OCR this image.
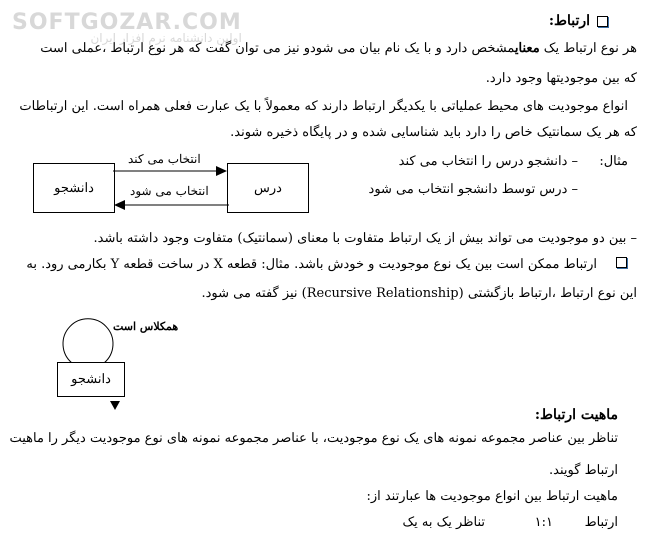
SOFTGOZAR.COM
اولین دانشنامه نرم افزار ایران
ارتباط:
هر نوع ارتباط یک معنایمشخص دارد و با یک نام بیان می شودو نیز می توان گفت که هر نوع ارتباط ،عملی است
که بین موجودیتها وجود دارد.
انواع موجودیت های محیط عملیاتی با یکدیگر ارتباط دارند که معمولاً با یک عبارت فعلی همراه است. این ارتباطات
که هر یک سمانتیک خاص را دارد باید شناسایی شده و در پایگاه ذخیره شوند.
دانشجو	درس
انتخاب می کند
انتخاب می شود
مثال:
– دانشجو درس را انتخاب می کند
– درس توسط دانشجو انتخاب می شود
– بین دو موجودیت می تواند بیش از یک ارتباط متفاوت با معنای (سمانتیک) متفاوت وجود داشته باشد.
ارتباط ممکن است بین یک نوع موجودیت و خودش باشد. مثال: قطعه X در ساخت قطعه Y بکارمی رود. به
این نوع ارتباط ،ارتباط بازگشتی (Recursive Relationship) نیز گفته می شود.
دانشجو
همکلاس است
ماهیت ارتباط:
تناظر بین عناصر مجموعه نمونه های یک نوع موجودیت، با عناصر مجموعه نمونه های نوع موجودیت دیگر را ماهیت
ارتباط گویند.
ماهیت ارتباط بین انواع موجودیت ها عبارتند از:
ارتباط
۱:۱
تناظر یک به یک
